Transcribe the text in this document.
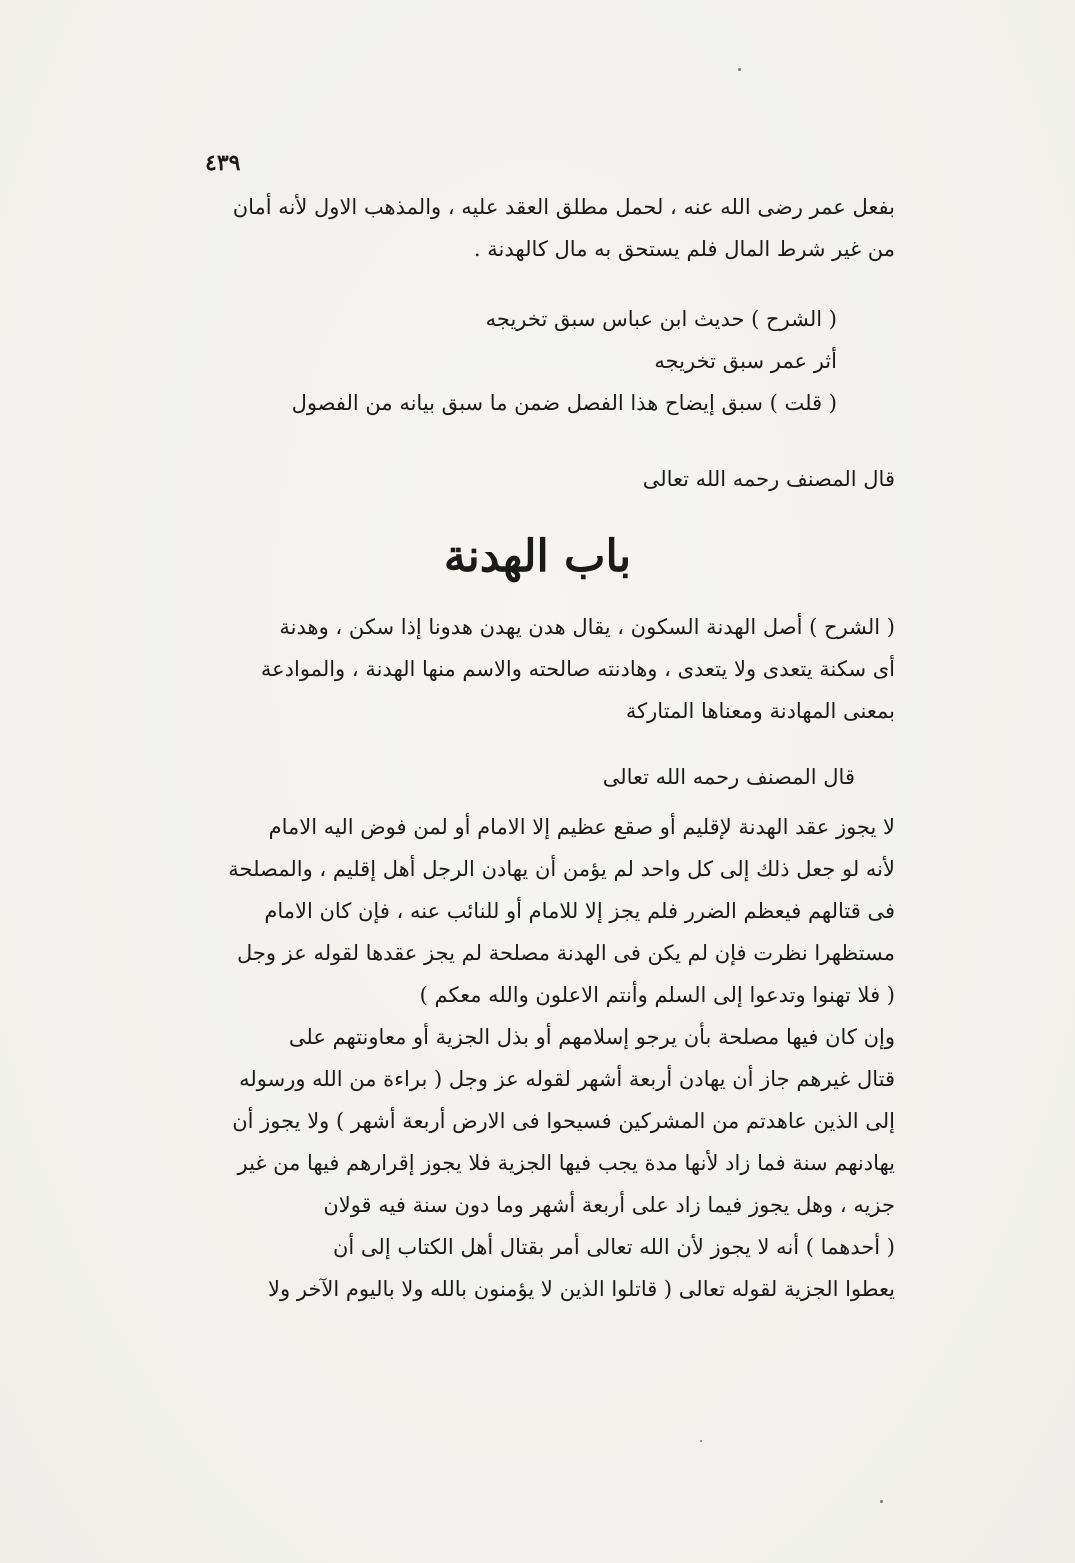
٤٣٩
بفعل عمر رضى الله عنه ، لحمل مطلق العقد عليه ، والمذهب الاول لأنه أمان
من غير شرط المال فلم يستحق به مال كالهدنة .
( الشرح ) حديث ابن عباس سبق تخريجه
أثر عمر سبق تخريجه
( قلت ) سبق إيضاح هذا الفصل ضمن ما سبق بيانه من الفصول
قال المصنف رحمه الله تعالى
باب الهدنة
( الشرح ) أصل الهدنة السكون ، يقال هدن يهدن هدونا إذا سكن ، وهدنة
أى سكنة يتعدى ولا يتعدى ، وهادنته صالحته والاسم منها الهدنة ، والموادعة
بمعنى المهادنة ومعناها المتاركة
قال المصنف رحمه الله تعالى
لا يجوز عقد الهدنة لإقليم أو صقع عظيم إلا الامام أو لمن فوض اليه الامام
لأنه لو جعل ذلك إلى كل واحد لم يؤمن أن يهادن الرجل أهل إقليم ، والمصلحة
فى قتالهم فيعظم الضرر فلم يجز إلا للامام أو للنائب عنه ، فإن كان الامام
مستظهرا نظرت فإن لم يكن فى الهدنة مصلحة لم يجز عقدها لقوله عز وجل
( فلا تهنوا وتدعوا إلى السلم وأنتم الاعلون والله معكم )
وإن كان فيها مصلحة بأن يرجو إسلامهم أو بذل الجزية أو معاونتهم على
قتال غيرهم جاز أن يهادن أربعة أشهر لقوله عز وجل ( براءة من الله ورسوله
إلى الذين عاهدتم من المشركين فسيحوا فى الارض أربعة أشهر ) ولا يجوز أن
يهادنهم سنة فما زاد لأنها مدة يجب فيها الجزية فلا يجوز إقرارهم فيها من غير
جزيه ، وهل يجوز فيما زاد على أربعة أشهر وما دون سنة فيه قولان
( أحدهما ) أنه لا يجوز لأن الله تعالى أمر بقتال أهل الكتاب إلى أن
يعطوا الجزية لقوله تعالى ( قاتلوا الذين لا يؤمنون بالله ولا باليوم الآخر ولا
